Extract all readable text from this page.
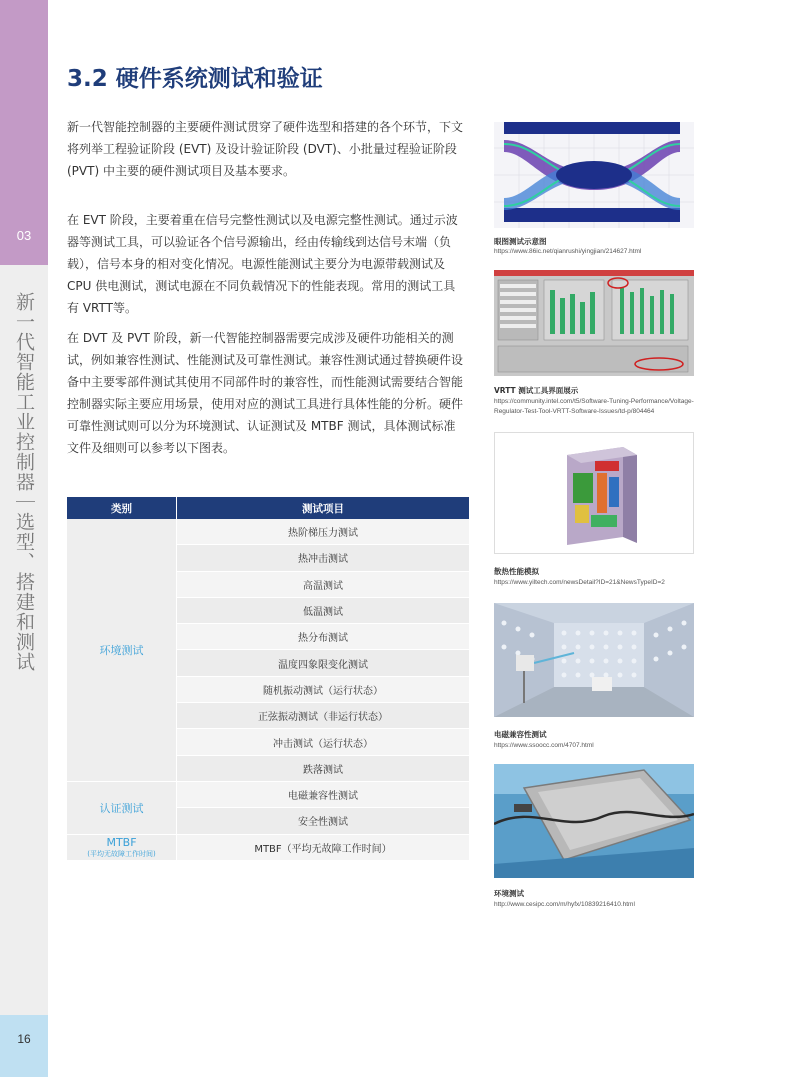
03
新一代智能工业控制器｜选型、搭建和测试
16
3.2 硬件系统测试和验证

新一代智能控制器的主要硬件测试贯穿了硬件选型和搭建的各个环节，下文将列举工程验证阶段 (EVT) 及设计验证阶段 (DVT)、小批量过程验证阶段 (PVT) 中主要的硬件测试项目及基本要求。

在 EVT 阶段，主要着重在信号完整性测试以及电源完整性测试。通过示波器等测试工具，可以验证各个信号源输出，经由传输线到达信号末端（负载），信号本身的相对变化情况。电源性能测试主要分为电源带载测试及 CPU 供电测试，测试电源在不同负载情况下的性能表现。常用的测试工具有 VRTT等。

在 DVT 及 PVT 阶段，新一代智能控制器需要完成涉及硬件功能相关的测试，例如兼容性测试、性能测试及可靠性测试。兼容性测试通过替换硬件设备中主要零部件测试其使用不同部件时的兼容性，而性能测试需要结合智能控制器实际主要应用场景，使用对应的测试工具进行具体性能的分析。硬件可靠性测试则可以分为环境测试、认证测试及 MTBF 测试，具体测试标准文件及细则可以参考以下图表。

类别	测试项目
环境测试	热阶梯压力测试
	热冲击测试
	高温测试
	低温测试
	热分布测试
	温度四象限变化测试
	随机振动测试（运行状态）
	正弦振动测试（非运行状态）
	冲击测试（运行状态）
	跌落测试
认证测试	电磁兼容性测试
	安全性测试
MTBF
(平均无故障工作时间)	MTBF（平均无故障工作时间）
眼图测试示意图
https://www.86ic.net/qianrushi/yingjian/214627.html
VRTT 测试工具界面展示
https://community.intel.com/t5/Software-Tuning-Performance/Voltage-Regulator-Test-Tool-VRTT-Software-Issues/td-p/804464
散热性能模拟
https://www.yiltech.com/newsDetail?ID=21&NewsTypeID=2
电磁兼容性测试
https://www.ssoocc.com/4707.html
环境测试
http://www.cesipc.com/m/hyfx/10839216410.html
